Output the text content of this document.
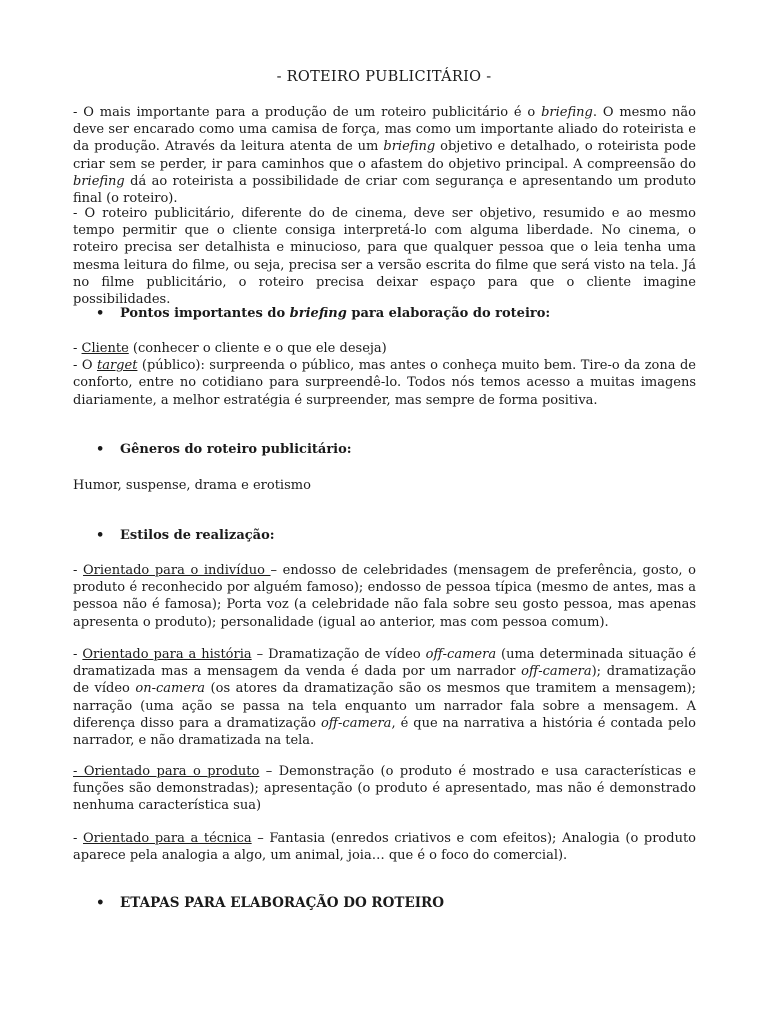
- ROTEIRO PUBLICITÁRIO -

- O mais importante para a produção de um roteiro publicitário é o briefing. O mesmo não deve ser encarado como uma camisa de força, mas como um importante aliado do roteirista e da produção. Através da leitura atenta de um briefing objetivo e detalhado, o roteirista pode criar sem se perder, ir para caminhos que o afastem do objetivo principal. A compreensão do briefing dá ao roteirista a possibilidade de criar com segurança e apresentando um produto final (o roteiro).

- O roteiro publicitário, diferente do de cinema, deve ser objetivo, resumido e ao mesmo tempo permitir que o cliente consiga interpretá-lo com alguma liberdade. No cinema, o roteiro precisa ser detalhista e minucioso, para que qualquer pessoa que o leia tenha uma mesma leitura do filme, ou seja, precisa ser a versão escrita do filme que será visto na tela. Já no filme publicitário, o roteiro precisa deixar espaço para que o cliente imagine possibilidades.

• Pontos importantes do briefing para elaboração do roteiro:

- Cliente (conhecer o cliente e o que ele deseja)
- O target (público): surpreenda o público, mas antes o conheça muito bem. Tire-o da zona de conforto, entre no cotidiano para surpreendê-lo. Todos nós temos acesso a muitas imagens diariamente, a melhor estratégia é surpreender, mas sempre de forma positiva.

• Gêneros do roteiro publicitário:

Humor, suspense, drama e erotismo

• Estilos de realização:

- Orientado para o indivíduo – endosso de celebridades (mensagem de preferência, gosto, o produto é reconhecido por alguém famoso); endosso de pessoa típica (mesmo de antes, mas a pessoa não é famosa); Porta voz (a celebridade não fala sobre seu gosto pessoa, mas apenas apresenta o produto); personalidade (igual ao anterior, mas com pessoa comum).

- Orientado para a história – Dramatização de vídeo off-camera (uma determinada situação é dramatizada mas a mensagem da venda é dada por um narrador off-camera); dramatização de vídeo on-camera (os atores da dramatização são os mesmos que tramitem a mensagem); narração (uma ação se passa na tela enquanto um narrador fala sobre a mensagem. A diferença disso para a dramatização off-camera, é que na narrativa a história é contada pelo narrador, e não dramatizada na tela.

- Orientado para o produto – Demonstração (o produto é mostrado e usa características e funções são demonstradas); apresentação (o produto é apresentado, mas não é demonstrado nenhuma característica sua)

- Orientado para a técnica – Fantasia (enredos criativos e com efeitos); Analogia (o produto aparece pela analogia a algo, um animal, joia… que é o foco do comercial).

• ETAPAS PARA ELABORAÇÃO DO ROTEIRO
